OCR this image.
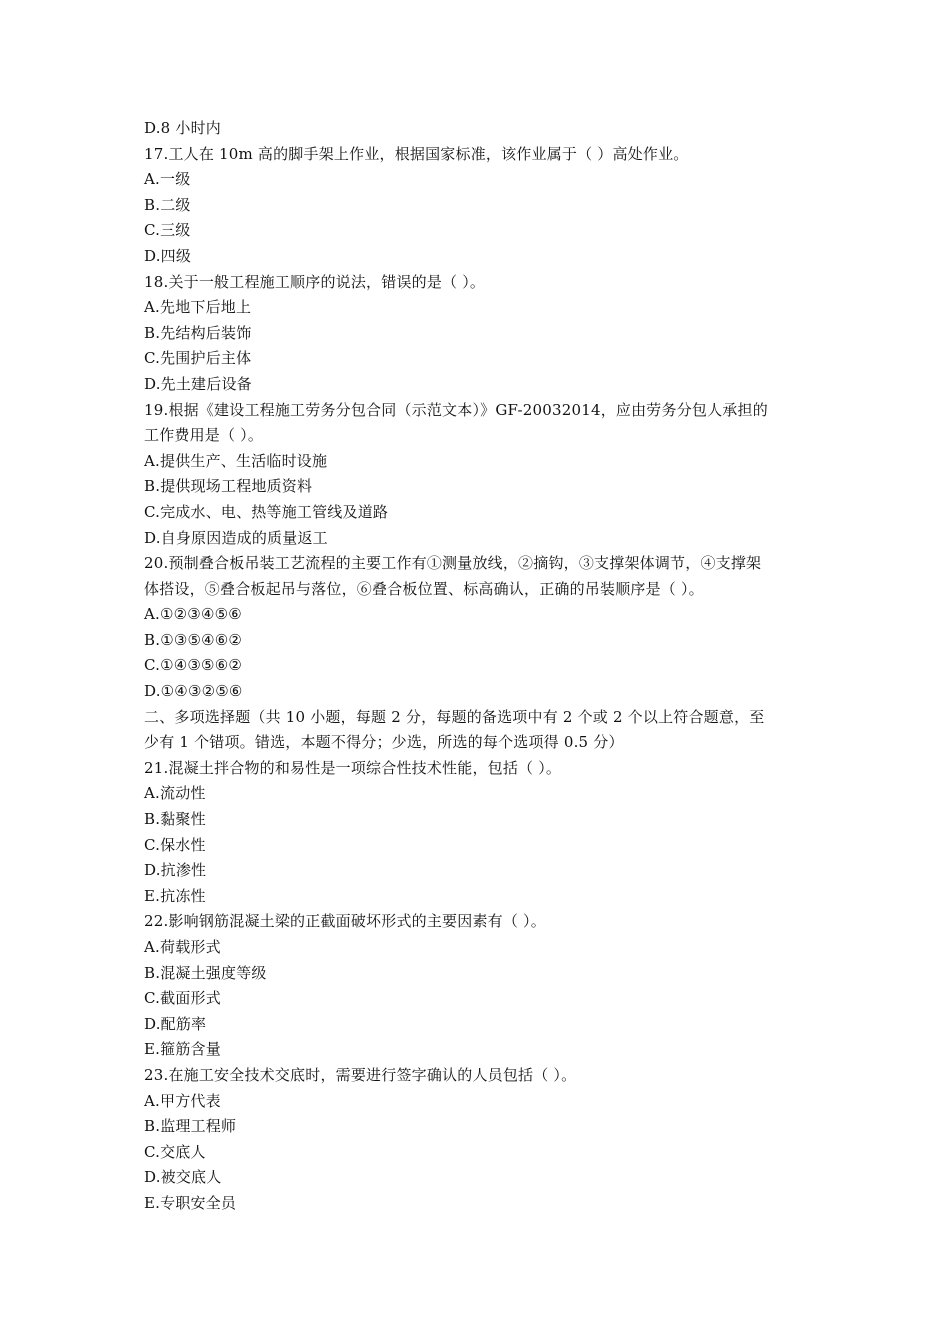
D.8 小时内
17.工人在 10m 高的脚手架上作业，根据国家标准，该作业属于（ ）高处作业。
A.一级
B.二级
C.三级
D.四级
18.关于一般工程施工顺序的说法，错误的是（ ）。
A.先地下后地上
B.先结构后装饰
C.先围护后主体
D.先土建后设备
19.根据《建设工程施工劳务分包合同（示范文本）》GF-20032014，应由劳务分包人承担的
工作费用是（ ）。
A.提供生产、生活临时设施
B.提供现场工程地质资料
C.完成水、电、热等施工管线及道路
D.自身原因造成的质量返工
20.预制叠合板吊装工艺流程的主要工作有①测量放线，②摘钩，③支撑架体调节，④支撑架
体搭设，⑤叠合板起吊与落位，⑥叠合板位置、标高确认，正确的吊装顺序是（ ）。
A.①②③④⑤⑥
B.①③⑤④⑥②
C.①④③⑤⑥②
D.①④③②⑤⑥
二、多项选择题（共 10 小题，每题 2 分，每题的备选项中有 2 个或 2 个以上符合题意，至
少有 1 个错项。错选，本题不得分；少选，所选的每个选项得 0.5 分）
21.混凝土拌合物的和易性是一项综合性技术性能，包括（ ）。
A.流动性
B.黏聚性
C.保水性
D.抗渗性
E.抗冻性
22.影响钢筋混凝土梁的正截面破坏形式的主要因素有（ ）。
A.荷载形式
B.混凝土强度等级
C.截面形式
D.配筋率
E.箍筋含量
23.在施工安全技术交底时，需要进行签字确认的人员包括（ ）。
A.甲方代表
B.监理工程师
C.交底人
D.被交底人
E.专职安全员
